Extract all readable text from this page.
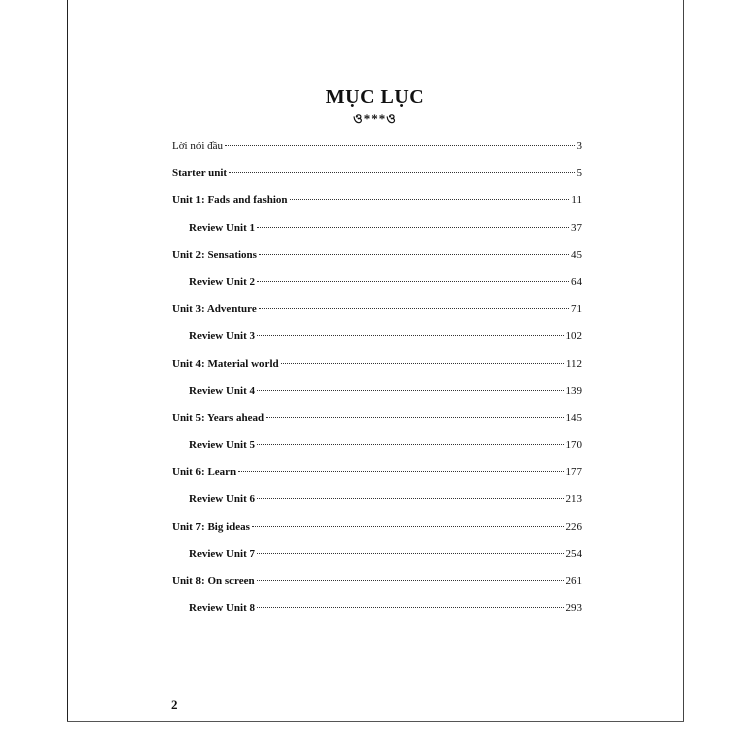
MỤC LỤC
ও***ও
Lời nói đầu	3
Starter unit	5
Unit 1: Fads and fashion	11
Review Unit 1	37
Unit 2: Sensations	45
Review Unit 2	64
Unit 3: Adventure	71
Review Unit 3	102
Unit 4: Material world	112
Review Unit 4	139
Unit 5: Years ahead	145
Review Unit 5	170
Unit 6: Learn	177
Review Unit 6	213
Unit 7: Big ideas	226
Review Unit 7	254
Unit 8: On screen	261
Review Unit 8	293
2
